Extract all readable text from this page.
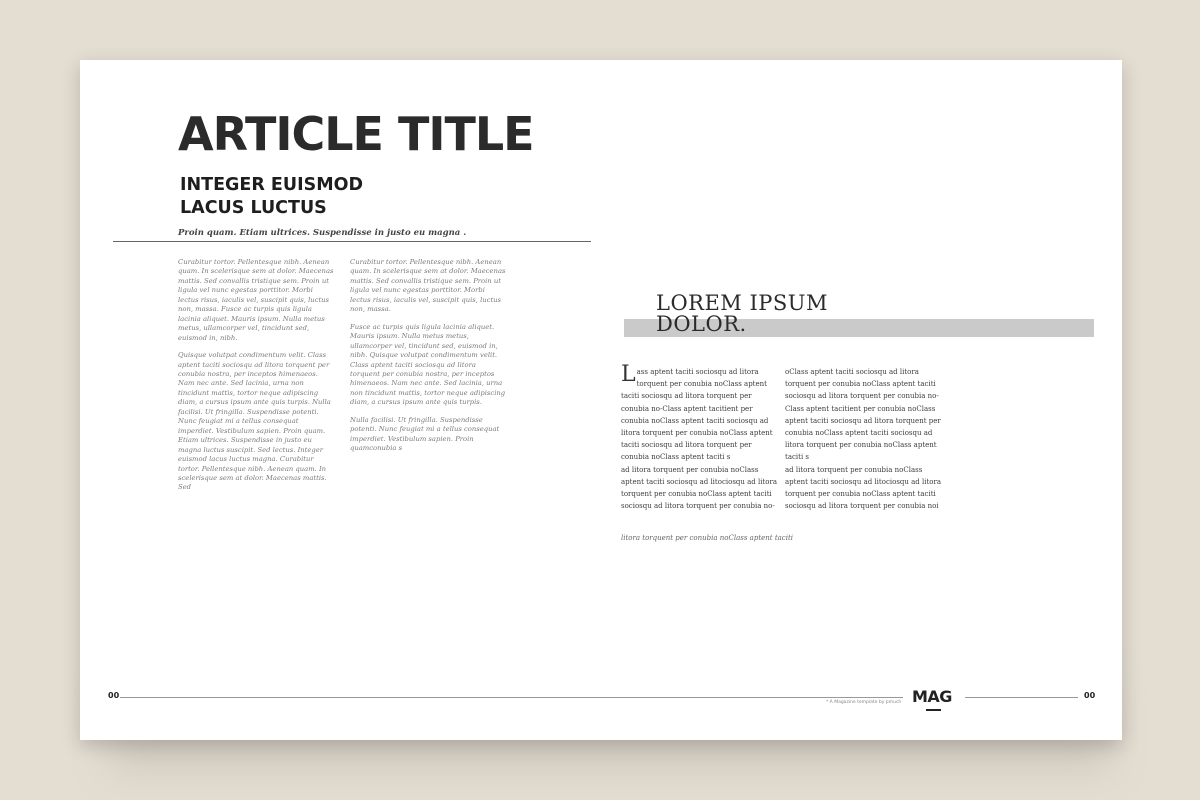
ARTICLE TITLE
INTEGER EUISMOD
LACUS LUCTUS
Proin quam. Etiam ultrices. Suspendisse in justo eu magna .

Curabitur tortor. Pellentesque nibh. Aenean quam. In scelerisque sem at dolor. Maecenas mattis. Sed convallis tristique sem. Proin ut ligula vel nunc egestas porttitor. Morbi lectus risus, iaculis vel, suscipit quis, luctus non, massa. Fusce ac turpis quis ligula lacinia aliquet. Mauris ipsum. Nulla metus metus, ullamcorper vel, tincidunt sed, euismod in, nibh.

Quisque volutpat condimentum velit. Class aptent taciti sociosqu ad litora torquent per conubia nostra, per inceptos himenaeos. Nam nec ante. Sed lacinia, urna non tincidunt mattis, tortor neque adipiscing diam, a cursus ipsum ante quis turpis. Nulla facilisi. Ut fringilla. Suspendisse potenti. Nunc feugiat mi a tellus consequat imperdiet. Vestibulum sapien. Proin quam. Etiam ultrices. Suspendisse in justo eu magna luctus suscipit. Sed lectus. Integer euismod lacus luctus magna. Curabitur tortor. Pellentesque nibh. Aenean quam. In scelerisque sem at dolor. Maecenas mattis. Sed

Curabitur tortor. Pellentesque nibh. Aenean quam. In scelerisque sem at dolor. Maecenas mattis. Sed convallis tristique sem. Proin ut ligula vel nunc egestas porttitor. Morbi lectus risus, iaculis vel, suscipit quis, luctus non, massa.

Fusce ac turpis quis ligula lacinia aliquet. Mauris ipsum. Nulla metus metus, ullamcorper vel, tincidunt sed, euismod in, nibh. Quisque volutpat condimentum velit. Class aptent taciti sociosqu ad litora torquent per conubia nostra, per inceptos himenaeos. Nam nec ante. Sed lacinia, urna non tincidunt mattis, tortor neque adipiscing diam, a cursus ipsum ante quis turpis.

Nulla facilisi. Ut fringilla. Suspendisse potenti. Nunc feugiat mi a tellus consequat imperdiet. Vestibulum sapien. Proin quamconubia s

LOREM IPSUM
DOLOR.

Lass aptent taciti sociosqu ad litora torquent per conubia noClass aptent taciti sociosqu ad litora torquent per conubia no-Class aptent tacitient per conubia noClass aptent taciti sociosqu ad litora torquent per conubia noClass aptent taciti sociosqu ad litora torquent per conubia noClass aptent taciti s

ad litora torquent per conubia noClass aptent taciti sociosqu ad litociosqu ad litora torquent per conubia noClass aptent taciti sociosqu ad litora torquent per conubia no-

oClass aptent taciti sociosqu ad litora torquent per conubia noClass aptent taciti sociosqu ad litora torquent per conubia no-Class aptent tacitient per conubia noClass aptent taciti sociosqu ad litora torquent per conubia noClass aptent taciti sociosqu ad litora torquent per conubia noClass aptent taciti s

ad litora torquent per conubia noClass aptent taciti sociosqu ad litociosqu ad litora torquent per conubia noClass aptent taciti sociosqu ad litora torquent per conubia noi

litora torquent per conubia noClass aptent taciti
00
* A Magazine template by pmuch MAG	00
